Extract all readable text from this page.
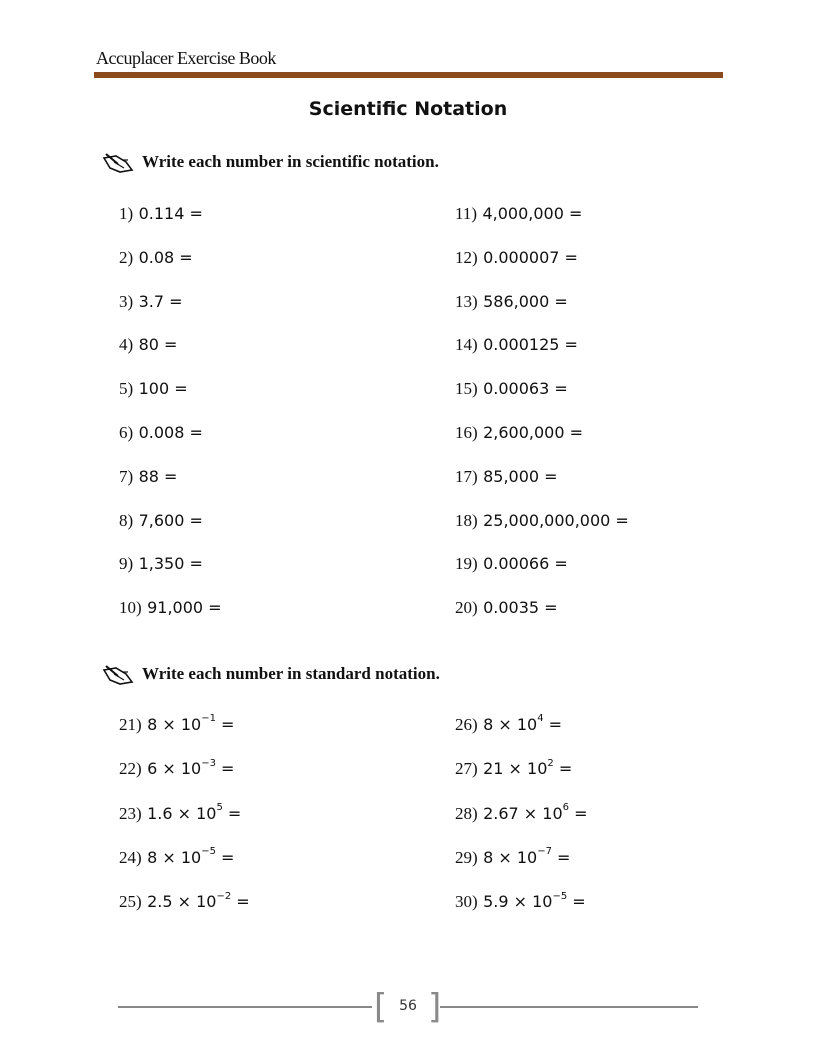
Accuplacer Exercise Book
Scientific Notation
Write each number in scientific notation.
1) 0.114 =
2) 0.08 =
3) 3.7 =
4) 80 =
5) 100 =
6) 0.008 =
7) 88 =
8) 7,600 =
9) 1,350 =
10) 91,000 =
11) 4,000,000 =
12) 0.000007 =
13) 586,000 =
14) 0.000125 =
15) 0.00063 =
16) 2,600,000 =
17) 85,000 =
18) 25,000,000,000 =
19) 0.00066 =
20) 0.0035 =
Write each number in standard notation.
21) $8 \times 10^{-1}$ =
22) $6 \times 10^{-3}$ =
23) $1.6 \times 10^5$ =
24) $8 \times 10^{-5}$ =
25) $2.5 \times 10^{-2}$ =
26) $8 \times 10^4$ =
27) $21 \times 10^2$ =
28) $2.67 \times 10^6$ =
29) $8 \times 10^{-7}$ =
30) $5.9 \times 10^{-5}$ =
[ ]
56
